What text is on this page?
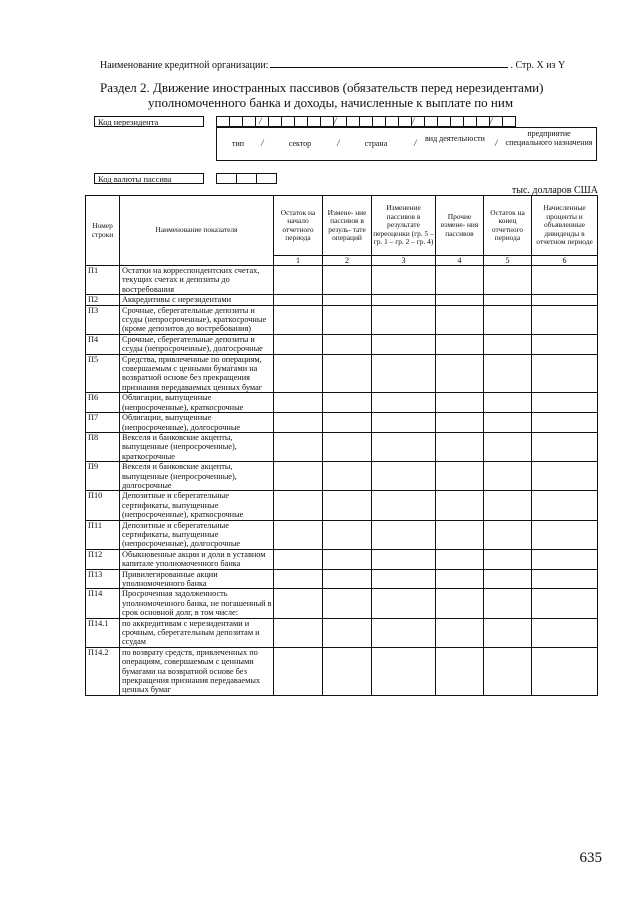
Наименование кредитной организации:	. Стр. X из Y
Раздел 2. Движение иностранных пассивов (обязательств перед нерезидентами)
уполномоченного банка и доходы, начисленные к выплате по ним
Код нерезидента	/	/	/	/
тип	/	сектор	/	страна	/ вид деятельности /
предприятие специального назначения
Код валюты пассива
тыс. долларов США
Номер строки	Наименование показателя	Остаток на начало отчетного периода	Измене- ние пассивов в резуль- тате операций	Изменение пассивов в результате переоценки (гр. 5 – гр. 1 – гр. 2 – гр. 4)	Прочие измене- ния пассивов	Остаток на конец отчетного периода	Начисленные проценты и объявленные дивиденды в отчетном периоде
		1	2	3	4	5	6
П1	Остатки на корреспондентских счетах, текущих счетах и депозиты до востребования						
П2	Аккредитивы с нерезидентами						
П3	Срочные, сберегательные депозиты и ссуды (непросроченные), краткосрочные (кроме депозитов до востребования)						
П4	Срочные, сберегательные депозиты и ссуды (непросроченные), долгосрочные						
П5	Средства, привлеченные по операциям, совершаемым с ценными бумагами на возвратной основе без прекращения признания передаваемых ценных бумаг						
П6	Облигации, выпущенные (непросроченные), краткосрочные						
П7	Облигации, выпущенные (непросроченные), долгосрочные						
П8	Векселя и банковские акцепты, выпущенные (непросроченные), краткосрочные						
П9	Векселя и банковские акцепты, выпущенные (непросроченные), долгосрочные						
П10	Депозитные и сберегательные сертификаты, выпущенные (непросроченные), краткосрочные						
П11	Депозитные и сберегательные сертификаты, выпущенные (непросроченные), долгосрочные						
П12	Обыкновенные акции и доли в уставном капитале уполномоченного банка						
П13	Привилегированные акции уполномоченного банка						
П14	Просроченная задолженность уполномоченного банка, не погашенный в срок основной долг, в том числе:						
П14.1	по аккредитивам с нерезидентами и срочным, сберегательным депозитам и ссудам						
П14.2	по возврату средств, привлеченных по операциям, совершаемым с ценными бумагами на возвратной основе без прекращения признания передаваемых ценных бумаг						
635
